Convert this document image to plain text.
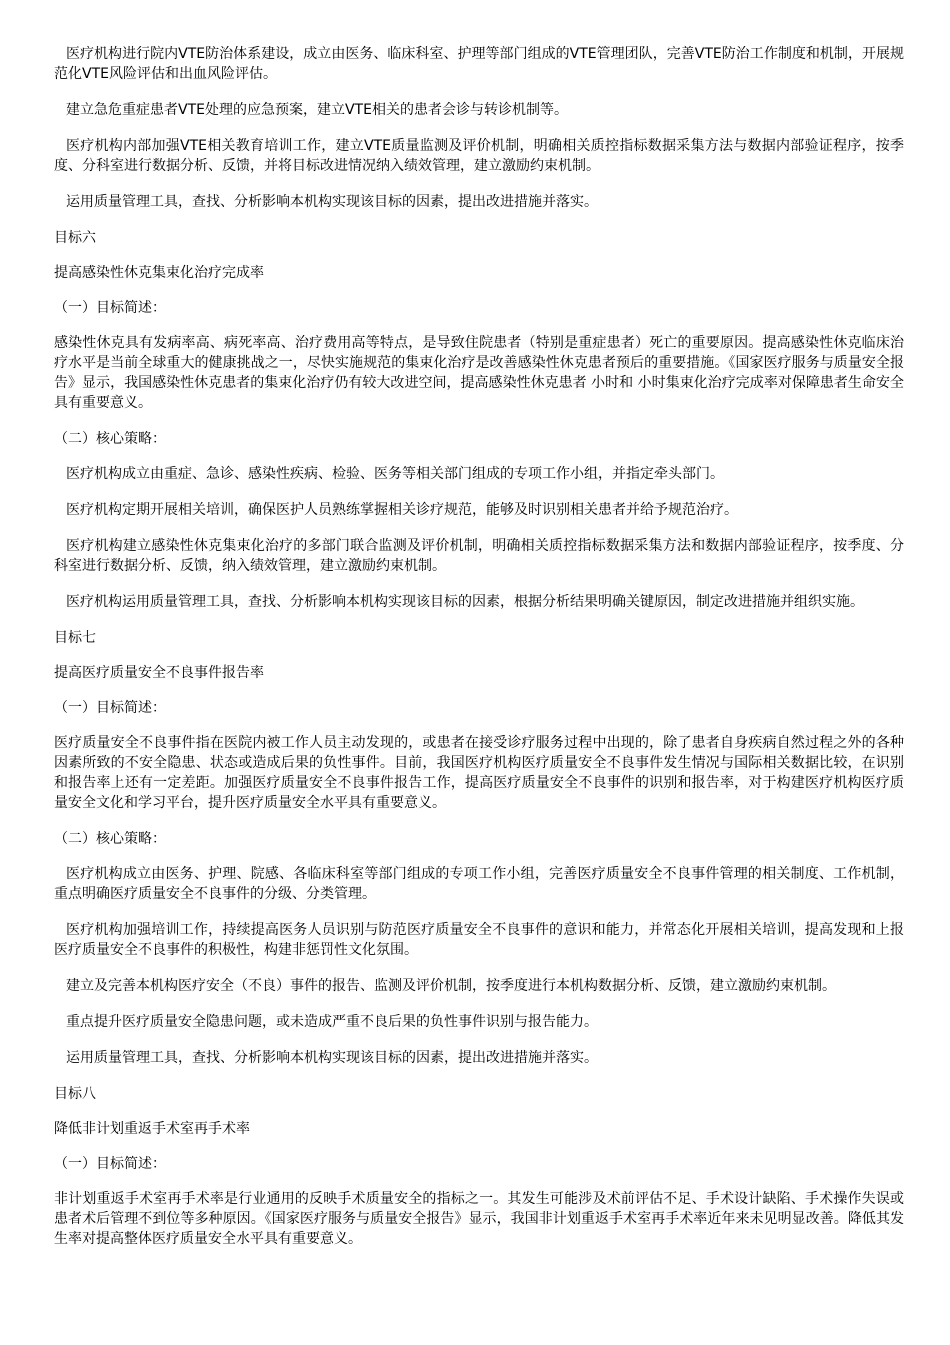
医疗机构进行院内VTE防治体系建设，成立由医务、临床科室、护理等部门组成的VTE管理团队，完善VTE防治工作制度和机制，开展规范化VTE风险评估和出血风险评估。

建立急危重症患者VTE处理的应急预案，建立VTE相关的患者会诊与转诊机制等。

医疗机构内部加强VTE相关教育培训工作，建立VTE质量监测及评价机制，明确相关质控指标数据采集方法与数据内部验证程序，按季度、分科室进行数据分析、反馈，并将目标改进情况纳入绩效管理，建立激励约束机制。

运用质量管理工具，查找、分析影响本机构实现该目标的因素，提出改进措施并落实。

目标六

提高感染性休克集束化治疗完成率

（一）目标简述：

感染性休克具有发病率高、病死率高、治疗费用高等特点，是导致住院患者（特别是重症患者）死亡的重要原因。提高感染性休克临床治疗水平是当前全球重大的健康挑战之一，尽快实施规范的集束化治疗是改善感染性休克患者预后的重要措施。《国家医疗服务与质量安全报告》显示，我国感染性休克患者的集束化治疗仍有较大改进空间，提高感染性休克患者 小时和 小时集束化治疗完成率对保障患者生命安全具有重要意义。

（二）核心策略：

医疗机构成立由重症、急诊、感染性疾病、检验、医务等相关部门组成的专项工作小组，并指定牵头部门。

医疗机构定期开展相关培训，确保医护人员熟练掌握相关诊疗规范，能够及时识别相关患者并给予规范治疗。

医疗机构建立感染性休克集束化治疗的多部门联合监测及评价机制，明确相关质控指标数据采集方法和数据内部验证程序，按季度、分科室进行数据分析、反馈，纳入绩效管理，建立激励约束机制。

医疗机构运用质量管理工具，查找、分析影响本机构实现该目标的因素，根据分析结果明确关键原因，制定改进措施并组织实施。

目标七

提高医疗质量安全不良事件报告率

（一）目标简述：

医疗质量安全不良事件指在医院内被工作人员主动发现的，或患者在接受诊疗服务过程中出现的，除了患者自身疾病自然过程之外的各种因素所致的不安全隐患、状态或造成后果的负性事件。目前，我国医疗机构医疗质量安全不良事件发生情况与国际相关数据比较，在识别和报告率上还有一定差距。加强医疗质量安全不良事件报告工作，提高医疗质量安全不良事件的识别和报告率，对于构建医疗机构医疗质量安全文化和学习平台，提升医疗质量安全水平具有重要意义。

（二）核心策略：

医疗机构成立由医务、护理、院感、各临床科室等部门组成的专项工作小组，完善医疗质量安全不良事件管理的相关制度、工作机制，重点明确医疗质量安全不良事件的分级、分类管理。

医疗机构加强培训工作，持续提高医务人员识别与防范医疗质量安全不良事件的意识和能力，并常态化开展相关培训，提高发现和上报医疗质量安全不良事件的积极性，构建非惩罚性文化氛围。

建立及完善本机构医疗安全（不良）事件的报告、监测及评价机制，按季度进行本机构数据分析、反馈，建立激励约束机制。

重点提升医疗质量安全隐患问题，或未造成严重不良后果的负性事件识别与报告能力。

运用质量管理工具，查找、分析影响本机构实现该目标的因素，提出改进措施并落实。

目标八

降低非计划重返手术室再手术率

（一）目标简述：

非计划重返手术室再手术率是行业通用的反映手术质量安全的指标之一。其发生可能涉及术前评估不足、手术设计缺陷、手术操作失误或患者术后管理不到位等多种原因。《国家医疗服务与质量安全报告》显示，我国非计划重返手术室再手术率近年来未见明显改善。降低其发生率对提高整体医疗质量安全水平具有重要意义。
